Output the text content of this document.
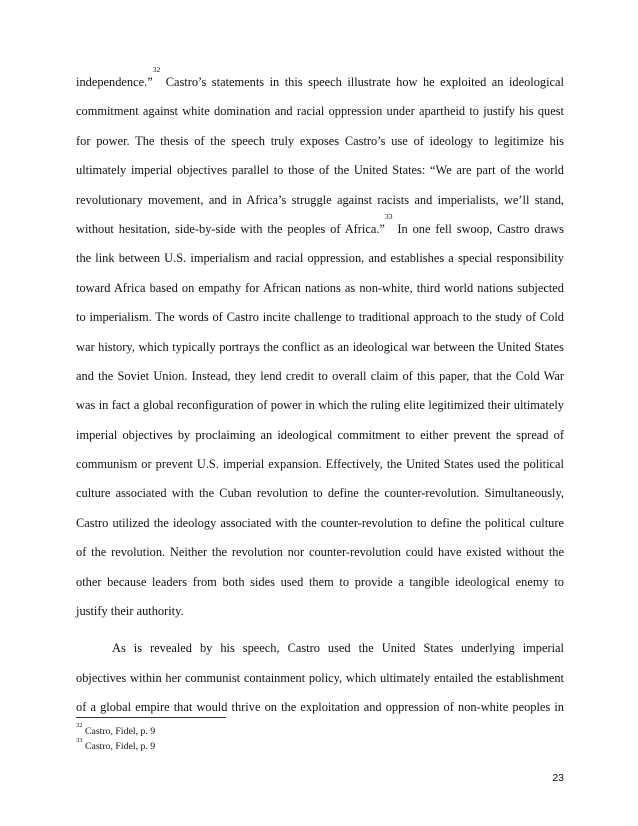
independence.”$^{32}$ Castro’s statements in this speech illustrate how he exploited an ideological
commitment against white domination and racial oppression under apartheid to justify his quest
for power. The thesis of the speech truly exposes Castro’s use of ideology to legitimize his
ultimately imperial objectives parallel to those of the United States: “We are part of the world
revolutionary movement, and in Africa’s struggle against racists and imperialists, we’ll stand,
without hesitation, side-by-side with the peoples of Africa.”$^{33}$ In one fell swoop, Castro draws
the link between U.S. imperialism and racial oppression, and establishes a special responsibility
toward Africa based on empathy for African nations as non-white, third world nations subjected
to imperialism. The words of Castro incite challenge to traditional approach to the study of Cold
war history, which typically portrays the conflict as an ideological war between the United States
and the Soviet Union. Instead, they lend credit to overall claim of this paper, that the Cold War
was in fact a global reconfiguration of power in which the ruling elite legitimized their ultimately
imperial objectives by proclaiming an ideological commitment to either prevent the spread of
communism or prevent U.S. imperial expansion. Effectively, the United States used the political
culture associated with the Cuban revolution to define the counter-revolution. Simultaneously,
Castro utilized the ideology associated with the counter-revolution to define the political culture
of the revolution. Neither the revolution nor counter-revolution could have existed without the
other because leaders from both sides used them to provide a tangible ideological enemy to
justify their authority.
As is revealed by his speech, Castro used the United States underlying imperial
objectives within her communist containment policy, which ultimately entailed the establishment
of a global empire that would thrive on the exploitation and oppression of non-white peoples in
$^{32}$ Castro, Fidel, p. 9
$^{33}$ Castro, Fidel, p. 9
23
